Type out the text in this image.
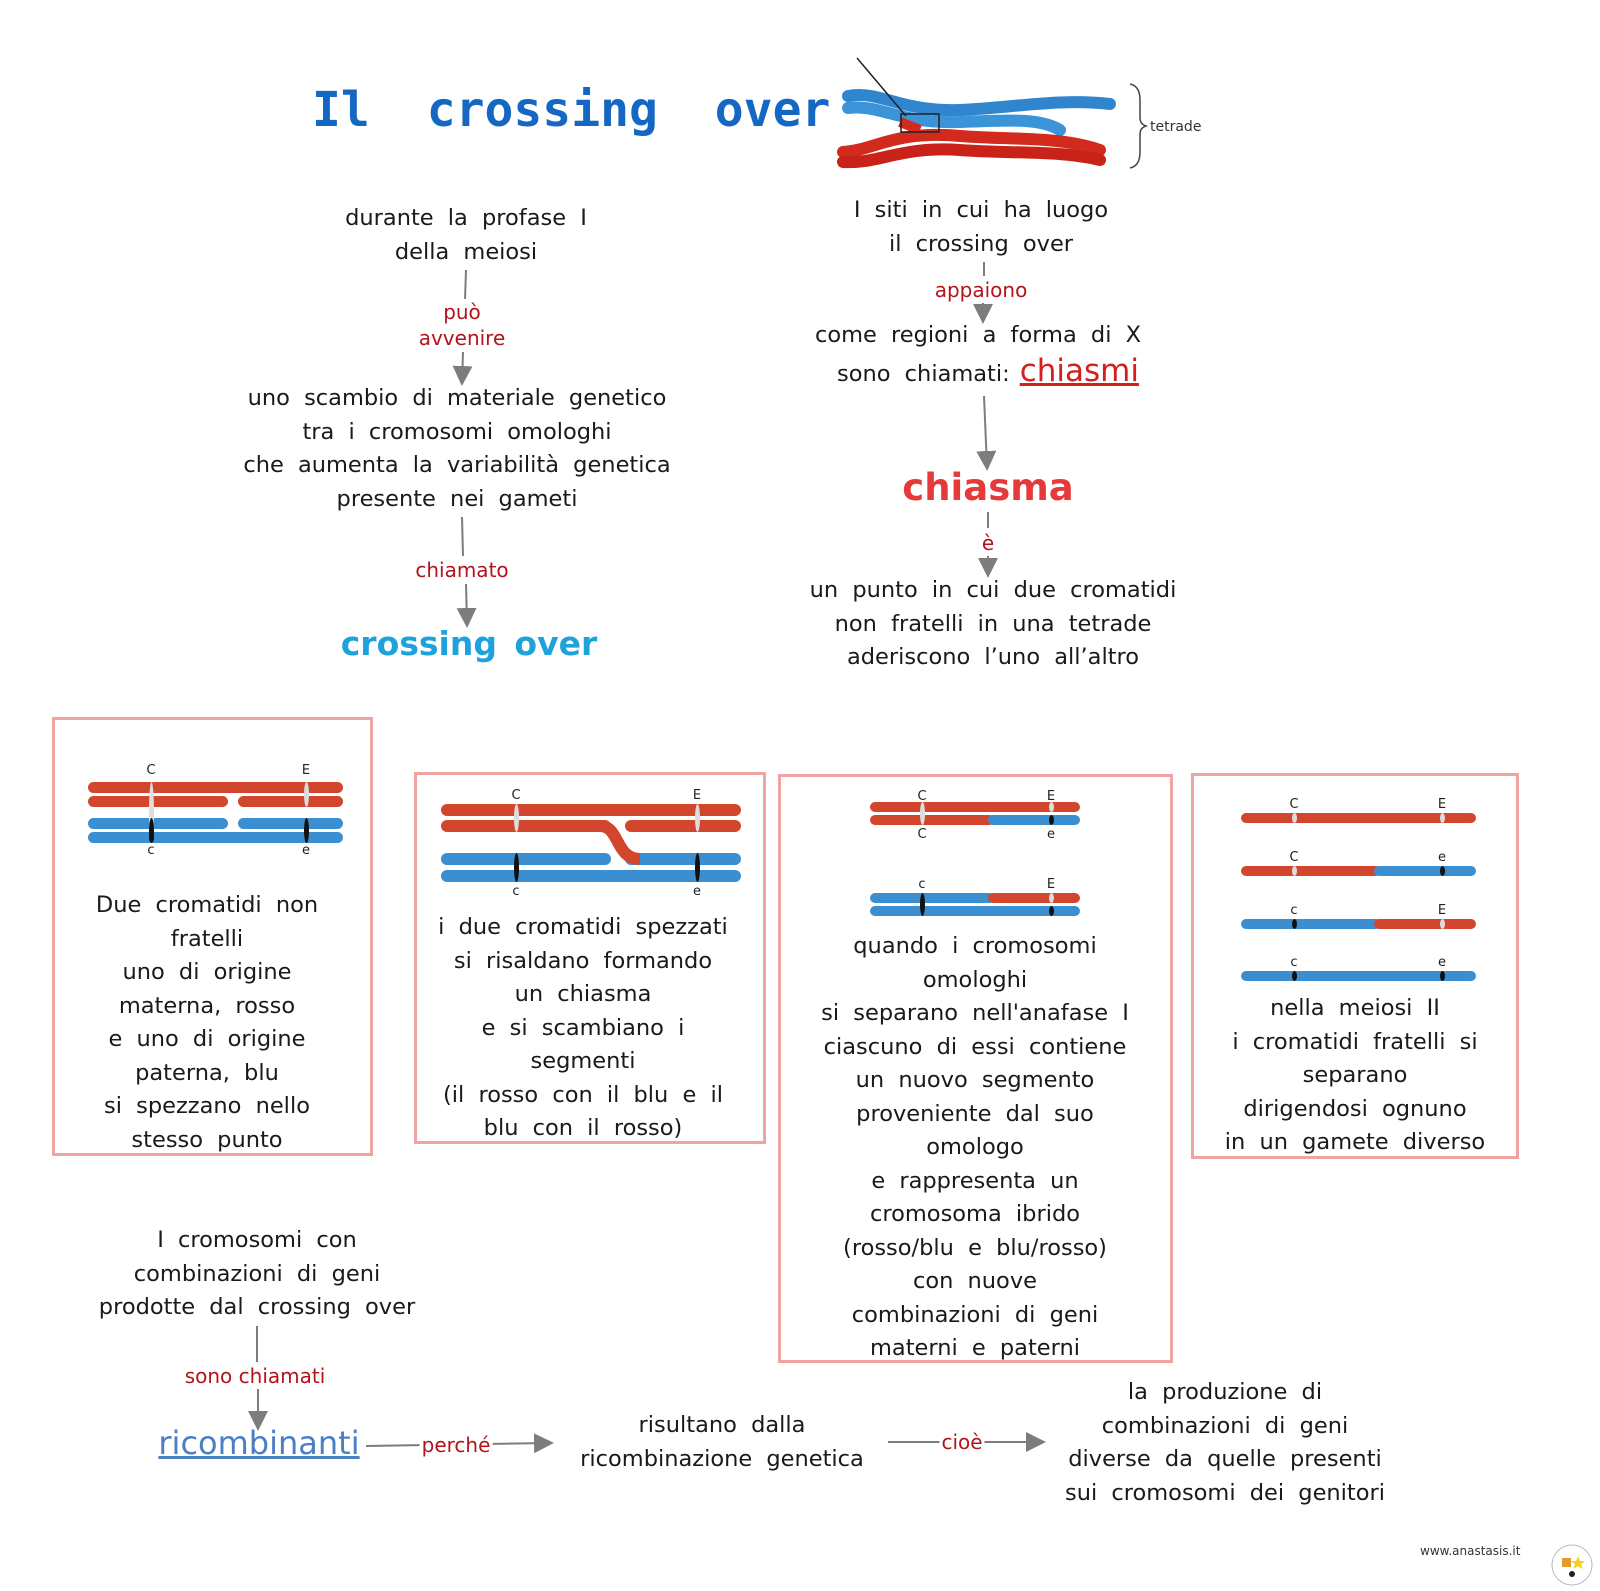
tetrade
C	E
c	e
C	E
c	e
C	E
C	e
c	E
C	E
C	e
c	E
c	e
Il crossing over
durante la profase I
della meiosi
può
avvenire
uno scambio di materiale genetico
tra i cromosomi omologhi
che aumenta la variabilità genetica
presente nei gameti
chiamato
crossing over
I siti in cui ha luogo
il crossing over
appaiono
come regioni a forma di X
sono chiamati: chiasmi
chiasma
è
un punto in cui due cromatidi
non fratelli in una tetrade
aderiscono l’uno all’altro
Due cromatidi non
fratelli
uno di origine
materna, rosso
e uno di origine
paterna, blu
si spezzano nello
stesso punto
i due cromatidi spezzati
si risaldano formando
un chiasma
e si scambiano i
segmenti
(il rosso con il blu e il
blu con il rosso)
quando i cromosomi
omologhi
si separano nell'anafase I
ciascuno di essi contiene
un nuovo segmento
proveniente dal suo
omologo
e rappresenta un
cromosoma ibrido
(rosso/blu e blu/rosso)
con nuove
combinazioni di geni
materni e paterni
nella meiosi II
i cromatidi fratelli si
separano
dirigendosi ognuno
in un gamete diverso
I cromosomi con
combinazioni di geni
prodotte dal crossing over
sono chiamati
ricombinanti	perché
risultano dalla
ricombinazione genetica
cioè
la produzione di
combinazioni di geni
diverse da quelle presenti
sui cromosomi dei genitori
www.anastasis.it
